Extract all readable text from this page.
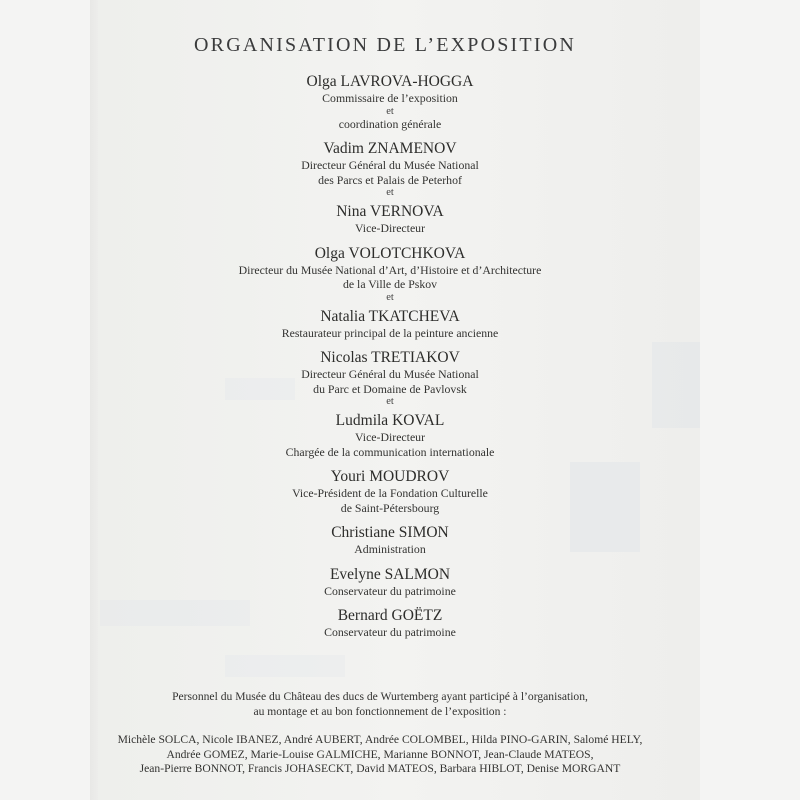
ORGANISATION DE L’EXPOSITION
Olga LAVROVA-HOGGA
Commissaire de l’exposition
et
coordination générale
Vadim ZNAMENOV
Directeur Général du Musée National
des Parcs et Palais de Peterhof
et
Nina VERNOVA
Vice-Directeur
Olga VOLOTCHKOVA
Directeur du Musée National d’Art, d’Histoire et d’Architecture
de la Ville de Pskov
et
Natalia TKATCHEVA
Restaurateur principal de la peinture ancienne
Nicolas TRETIAKOV
Directeur Général du Musée National
du Parc et Domaine de Pavlovsk
et
Ludmila KOVAL
Vice-Directeur
Chargée de la communication internationale
Youri MOUDROV
Vice-Président de la Fondation Culturelle
de Saint-Pétersbourg
Christiane SIMON
Administration
Evelyne SALMON
Conservateur du patrimoine
Bernard GOËTZ
Conservateur du patrimoine
Personnel du Musée du Château des ducs de Wurtemberg ayant participé à l’organisation,
au montage et au bon fonctionnement de l’exposition :
Michèle SOLCA, Nicole IBANEZ, André AUBERT, Andrée COLOMBEL, Hilda PINO-GARIN, Salomé HELY,
Andrée GOMEZ, Marie-Louise GALMICHE, Marianne BONNOT, Jean-Claude MATEOS,
Jean-Pierre BONNOT, Francis JOHASECKT, David MATEOS, Barbara HIBLOT, Denise MORGANT
